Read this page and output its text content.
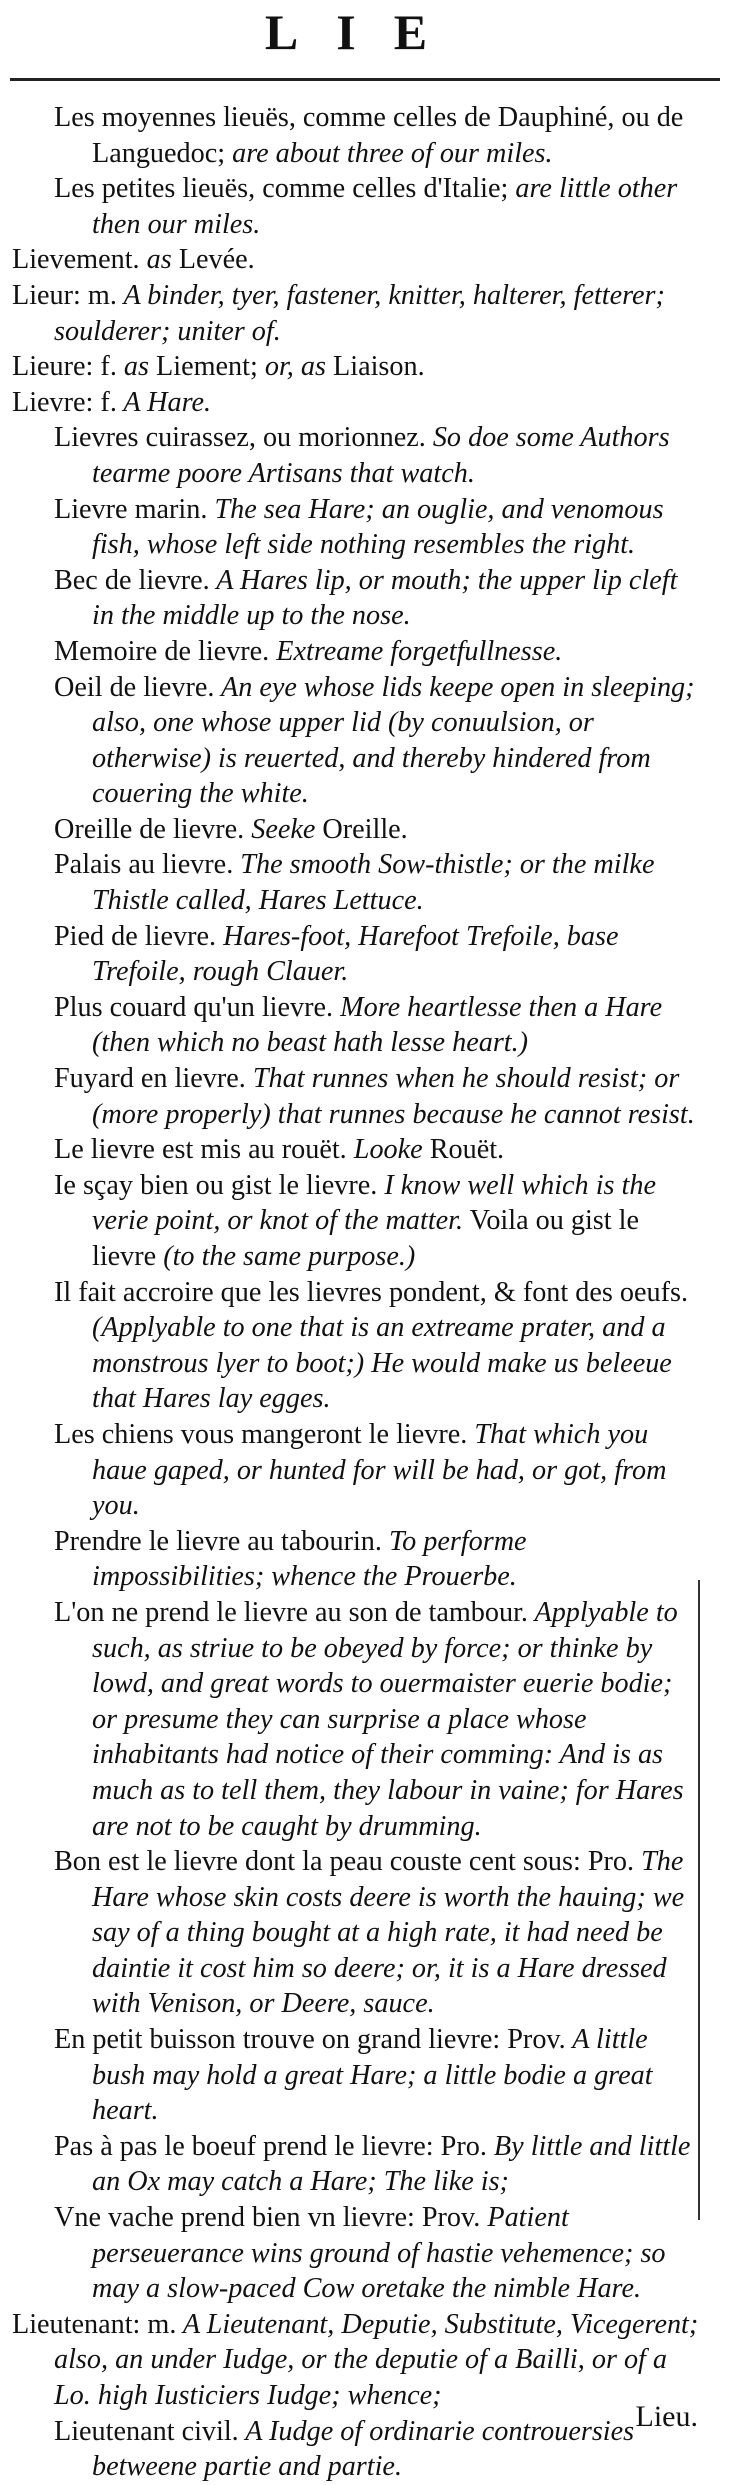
LIE

Les moyennes lieuës, comme celles de Dauphiné, ou de Languedoc; are about three of our miles.

Les petites lieuës, comme celles d'Italie; are little other then our miles.

Lievement. as Levée.

Lieur: m. A binder, tyer, fastener, knitter, halterer, fetterer; soulderer; uniter of.

Lieure: f. as Liement; or, as Liaison.

Lievre: f. A Hare.

Lievres cuirassez, ou morionnez. So doe some Authors tearme poore Artisans that watch.

Lievre marin. The sea Hare; an ouglie, and venomous fish, whose left side nothing resembles the right.

Bec de lievre. A Hares lip, or mouth; the upper lip cleft in the middle up to the nose.

Memoire de lievre. Extreame forgetfullnesse.

Oeil de lievre. An eye whose lids keepe open in sleeping; also, one whose upper lid (by conuulsion, or otherwise) is reuerted, and thereby hindered from couering the white.

Oreille de lievre. Seeke Oreille.

Palais au lievre. The smooth Sow-thistle; or the milke Thistle called, Hares Lettuce.

Pied de lievre. Hares-foot, Harefoot Trefoile, base Trefoile, rough Clauer.

Plus couard qu'un lievre. More heartlesse then a Hare (then which no beast hath lesse heart.)

Fuyard en lievre. That runnes when he should resist; or (more properly) that runnes because he cannot resist.

Le lievre est mis au rouët. Looke Rouët.

Ie sçay bien ou gist le lievre. I know well which is the verie point, or knot of the matter. Voila ou gist le lievre (to the same purpose.)

Il fait accroire que les lievres pondent, & font des oeufs. (Applyable to one that is an extreame prater, and a monstrous lyer to boot;) He would make us beleeue that Hares lay egges.

Les chiens vous mangeront le lievre. That which you haue gaped, or hunted for will be had, or got, from you.

Prendre le lievre au tabourin. To performe impossibilities; whence the Prouerbe.

L'on ne prend le lievre au son de tambour. Applyable to such, as striue to be obeyed by force; or thinke by lowd, and great words to ouermaister euerie bodie; or presume they can surprise a place whose inhabitants had notice of their comming: And is as much as to tell them, they labour in vaine; for Hares are not to be caught by drumming.

Bon est le lievre dont la peau couste cent sous: Pro. The Hare whose skin costs deere is worth the hauing; we say of a thing bought at a high rate, it had need be daintie it cost him so deere; or, it is a Hare dressed with Venison, or Deere, sauce.

En petit buisson trouve on grand lievre: Prov. A little bush may hold a great Hare; a little bodie a great heart.

Pas à pas le boeuf prend le lievre: Pro. By little and little an Ox may catch a Hare; The like is;

Vne vache prend bien vn lievre: Prov. Patient perseuerance wins ground of hastie vehemence; so may a slow-paced Cow oretake the nimble Hare.

Lieutenant: m. A Lieutenant, Deputie, Substitute, Vicegerent; also, an under Iudge, or the deputie of a Bailli, or of a Lo. high Iusticiers Iudge; whence;

Lieutenant civil. A Iudge of ordinarie controuersies betweene partie and partie.

Lieu.
